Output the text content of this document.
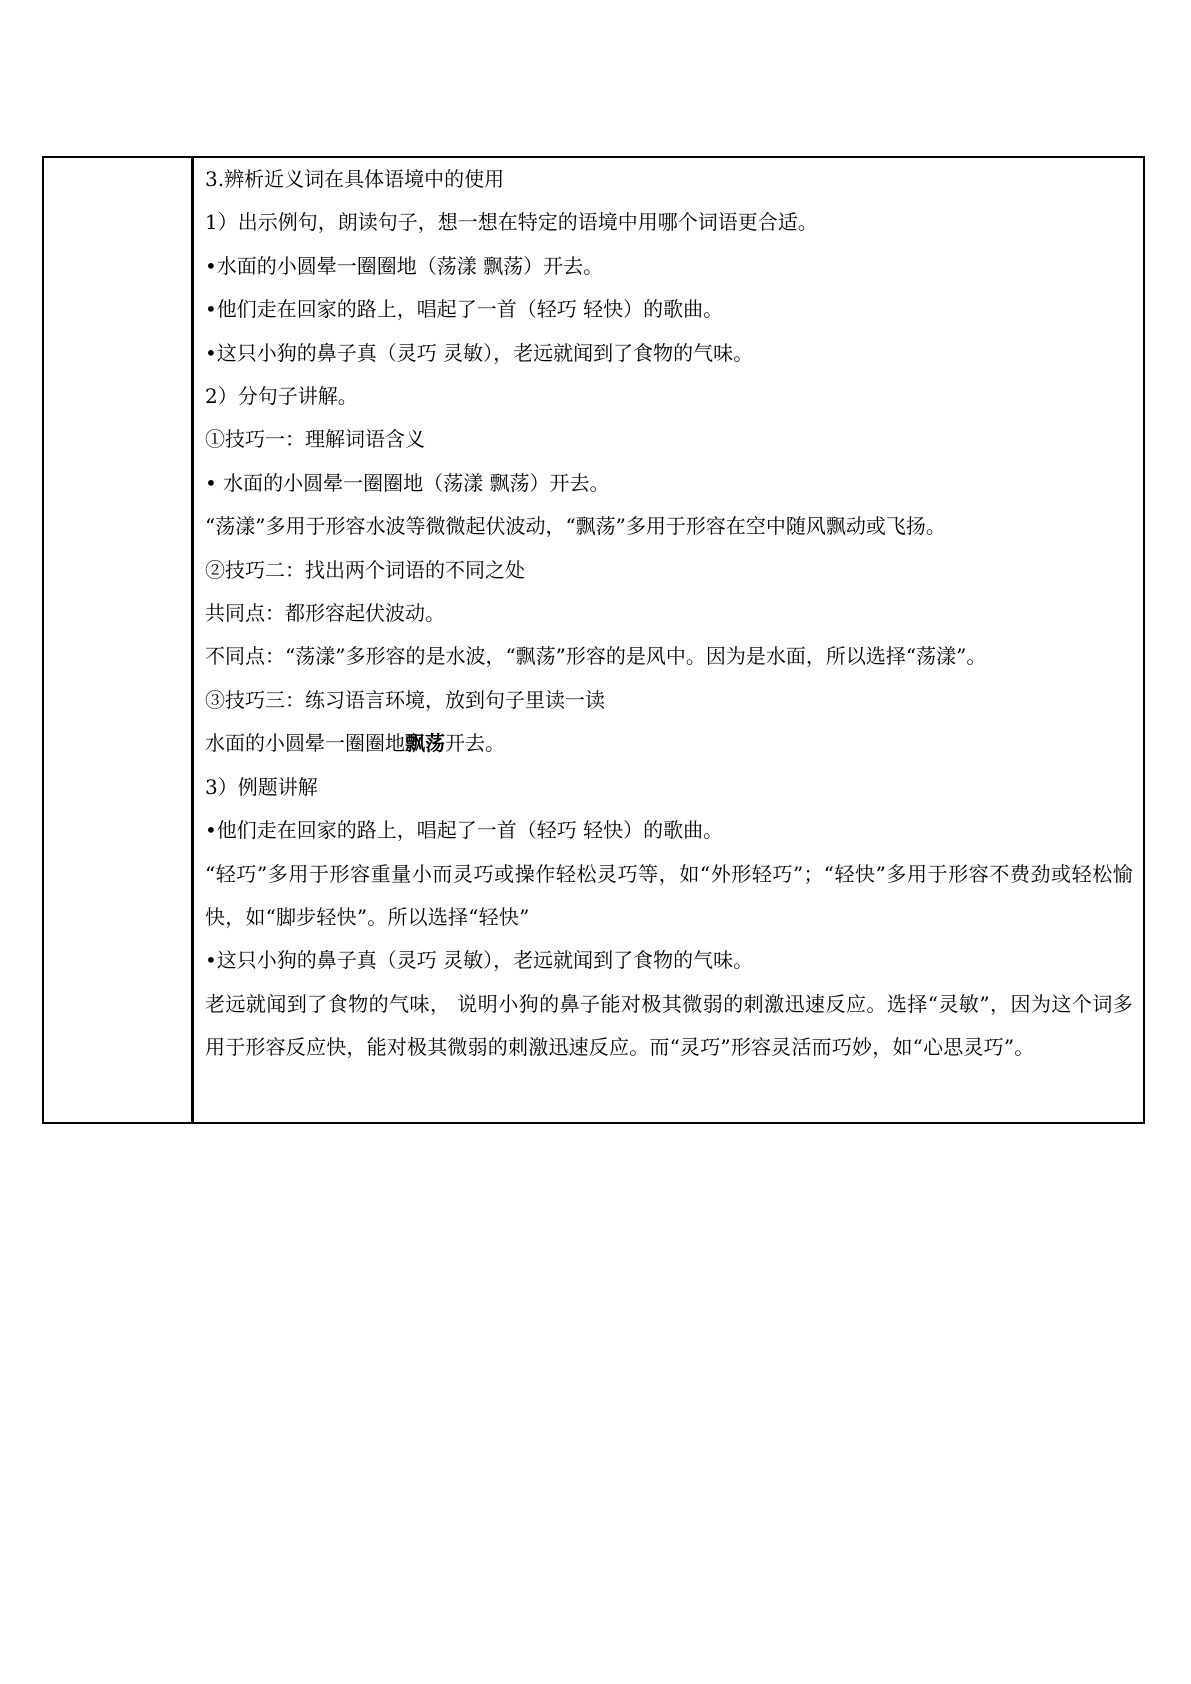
3.辨析近义词在具体语境中的使用
1）出示例句，朗读句子，想一想在特定的语境中用哪个词语更合适。
•水面的小圆晕一圈圈地（荡漾 飘荡）开去。
•他们走在回家的路上，唱起了一首（轻巧 轻快）的歌曲。
•这只小狗的鼻子真（灵巧 灵敏），老远就闻到了食物的气味。
2）分句子讲解。
①技巧一：理解词语含义
• 水面的小圆晕一圈圈地（荡漾 飘荡）开去。
“荡漾”多用于形容水波等微微起伏波动，“飘荡”多用于形容在空中随风飘动或飞扬。
②技巧二：找出两个词语的不同之处
共同点：都形容起伏波动。
不同点：“荡漾”多形容的是水波，“飘荡”形容的是风中。因为是水面，所以选择“荡漾”。
③技巧三：练习语言环境，放到句子里读一读
水面的小圆晕一圈圈地飘荡开去。
3）例题讲解
•他们走在回家的路上，唱起了一首（轻巧 轻快）的歌曲。
“轻巧”多用于形容重量小而灵巧或操作轻松灵巧等，如“外形轻巧”；“轻快”多用于形容不费劲或轻松愉快，如“脚步轻快”。所以选择“轻快”
•这只小狗的鼻子真（灵巧 灵敏），老远就闻到了食物的气味。
老远就闻到了食物的气味， 说明小狗的鼻子能对极其微弱的刺激迅速反应。选择“灵敏”，因为这个词多用于形容反应快，能对极其微弱的刺激迅速反应。而“灵巧”形容灵活而巧妙，如“心思灵巧”。
